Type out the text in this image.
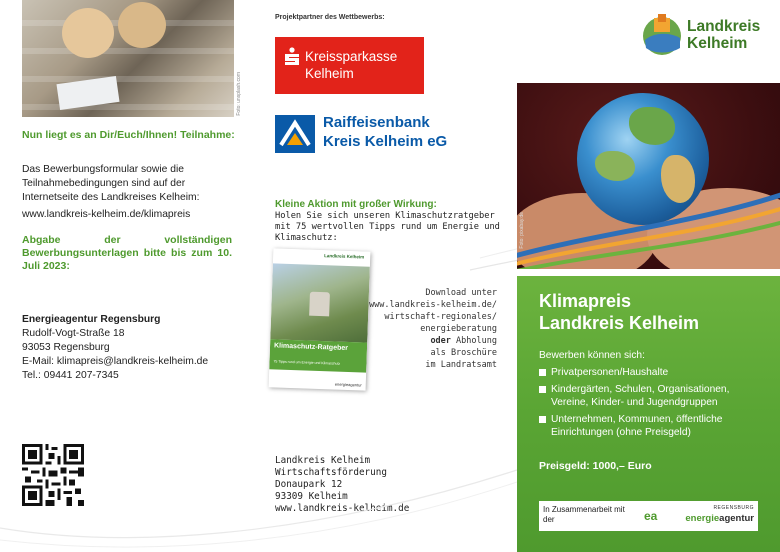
Foto: unsplash.com
Nun liegt es an Dir/Euch/Ihnen! Teilnahme:
Das Bewerbungsformular sowie die Teilnahmebedingungen sind auf der Internetseite des Landkreises Kelheim:
www.landkreis-kelheim.de/klimapreis
Abgabe der vollständigen Bewerbungsunterlagen bitte bis zum 10. Juli 2023:
Energieagentur Regensburg
Rudolf-Vogt-Straße 18
93053 Regensburg
E-Mail: klimapreis@landkreis-kelheim.de
Tel.: 09441 207-7345
Projektpartner des Wettbewerbs:
Kreissparkasse
Kelheim
Raiffeisenbank
Kreis Kelheim eG
Kleine Aktion mit großer Wirkung:
Holen Sie sich unseren Klimaschutzratgeber mit 75 wertvollen Tipps rund um Energie und Klimaschutz:
Landkreis Kelheim
Klimaschutz-Ratgeber
75 Tipps rund um Energie und Klimaschutz
energieagentur
Download unter
www.landkreis-kelheim.de/
wirtschaft-regionales/
energieberatung
oder Abholung
als Broschüre
im Landratsamt
Landkreis Kelheim
Wirtschaftsförderung
Donaupark 12
93309 Kelheim
www.landkreis-kelheim.de
Landkreis
Kelheim
Foto: pixabay.de
Klimapreis
Landkreis Kelheim
Bewerben können sich:
Privatpersonen/Haushalte
Kindergärten, Schulen, Organisationen, Vereine, Kinder- und Jugendgruppen
Unternehmen, Kommunen, öffentliche Einrichtungen (ohne Preisgeld)
Preisgeld: 1000,– Euro
In Zusammenarbeit mit der	ea
REGENSBURG
energieagentur
